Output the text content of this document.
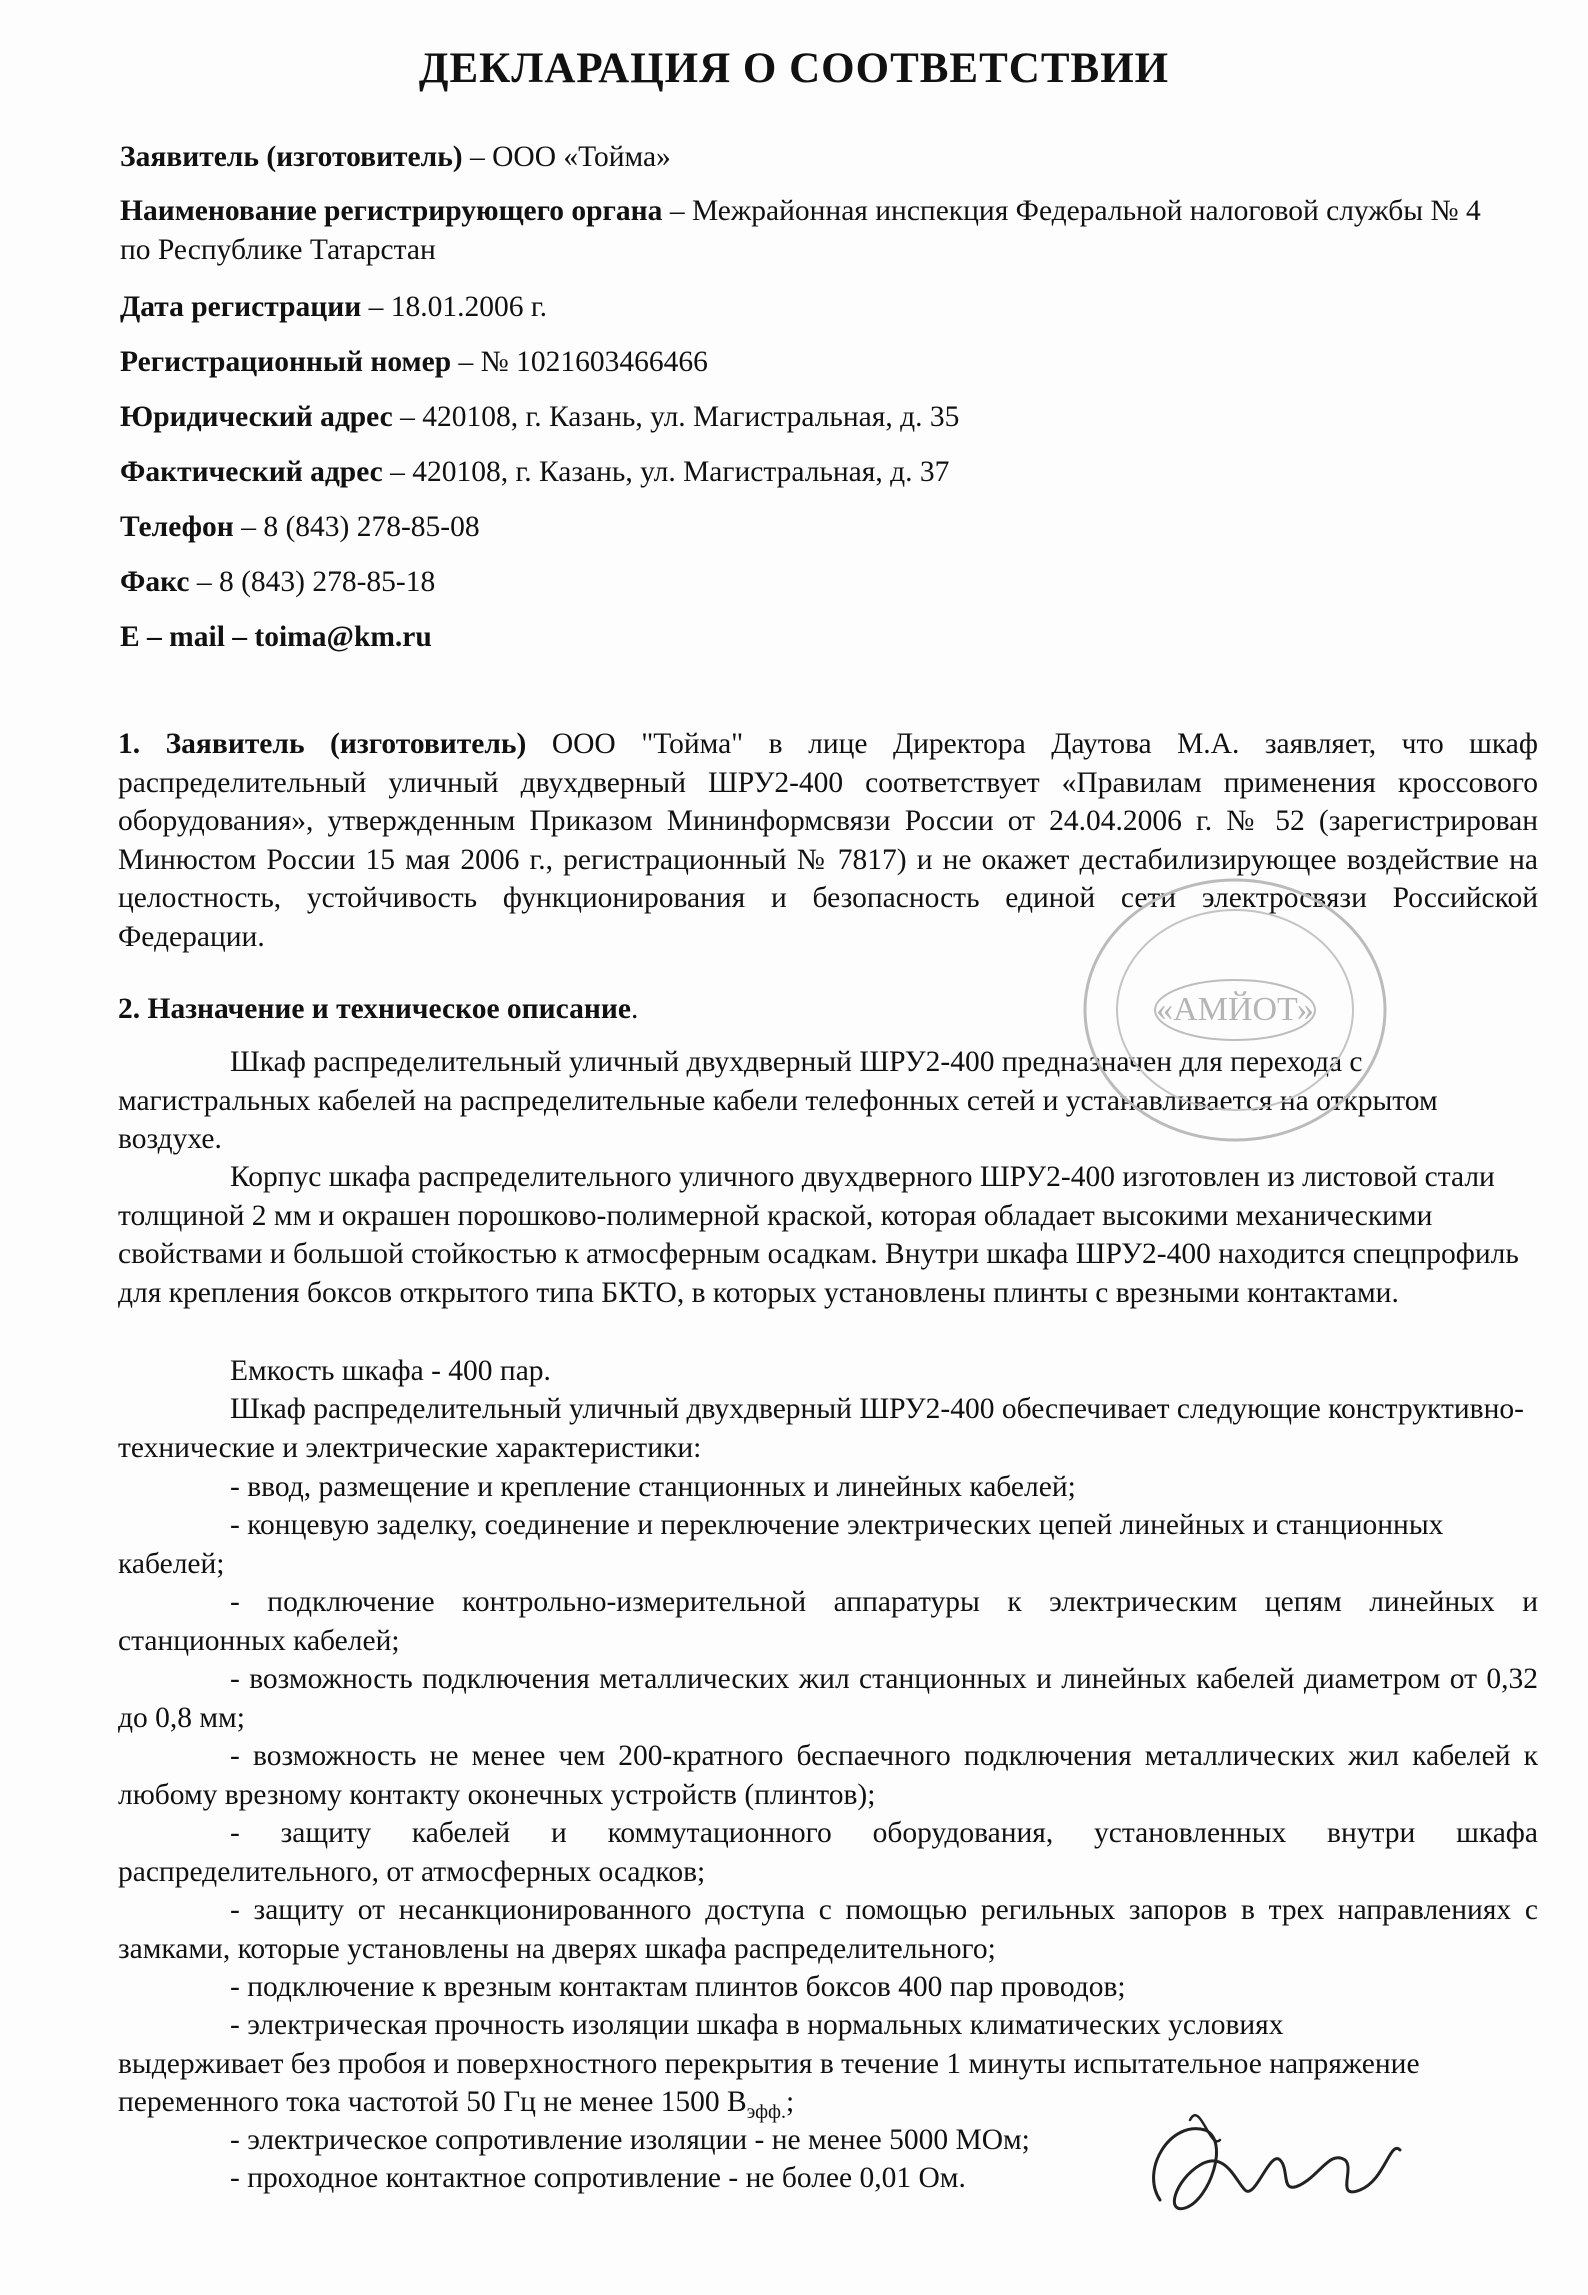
ДЕКЛАРАЦИЯ О СООТВЕТСТВИИ
Заявитель (изготовитель) – ООО «Тойма»
Наименование регистрирующего органа – Межрайонная инспекция Федеральной налоговой службы № 4 по Республике Татарстан
Дата регистрации – 18.01.2006 г.
Регистрационный номер – № 1021603466466
Юридический адрес – 420108, г. Казань, ул. Магистральная, д. 35
Фактический адрес – 420108, г. Казань, ул. Магистральная, д. 37
Телефон – 8 (843) 278-85-08
Факс – 8 (843) 278-85-18
E – mail – toima@km.ru
1. Заявитель (изготовитель) ООО "Тойма" в лице Директора Даутова М.А. заявляет, что шкаф распределительный уличный двухдверный ШРУ2-400 соответствует «Правилам применения кроссового оборудования», утвержденным Приказом Мининформсвязи России от 24.04.2006 г. № 52 (зарегистрирован Минюстом России 15 мая 2006 г., регистрационный № 7817) и не окажет дестабилизирующее воздействие на целостность, устойчивость функционирования и безопасность единой сети электросвязи Российской Федерации.
2. Назначение и техническое описание.
Шкаф распределительный уличный двухдверный ШРУ2-400 предназначен для перехода с магистральных кабелей на распределительные кабели телефонных сетей и устанавливается на открытом воздухе.
Корпус шкафа распределительного уличного двухдверного ШРУ2-400 изготовлен из листовой стали толщиной 2 мм и окрашен порошково-полимерной краской, которая обладает высокими механическими свойствами и большой стойкостью к атмосферным осадкам. Внутри шкафа ШРУ2-400 находится спецпрофиль для крепления боксов открытого типа БКТО, в которых установлены плинты с врезными контактами.
Емкость шкафа - 400 пар.
Шкаф распределительный уличный двухдверный ШРУ2-400 обеспечивает следующие конструктивно-технические и электрические характеристики:
- ввод, размещение и крепление станционных и линейных кабелей;
- концевую заделку, соединение и переключение электрических цепей линейных и станционных кабелей;
- подключение контрольно-измерительной аппаратуры к электрическим цепям линейных и станционных кабелей;
- возможность подключения металлических жил станционных и линейных кабелей диаметром от 0,32 до 0,8 мм;
- возможность не менее чем 200-кратного беспаечного подключения металлических жил кабелей к любому врезному контакту оконечных устройств (плинтов);
- защиту кабелей и коммутационного оборудования, установленных внутри шкафа распределительного, от атмосферных осадков;
- защиту от несанкционированного доступа с помощью регильных запоров в трех направлениях с замками, которые установлены на дверях шкафа распределительного;
- подключение к врезным контактам плинтов боксов 400 пар проводов;
- электрическая прочность изоляции шкафа в нормальных климатических условиях выдерживает без пробоя и поверхностного перекрытия в течение 1 минуты испытательное напряжение переменного тока частотой 50 Гц не менее 1500 $В_{эфф.}$;
- электрическое сопротивление изоляции - не менее 5000 МОм;
- проходное контактное сопротивление - не более 0,01 Ом.
«АМЙОТ»
